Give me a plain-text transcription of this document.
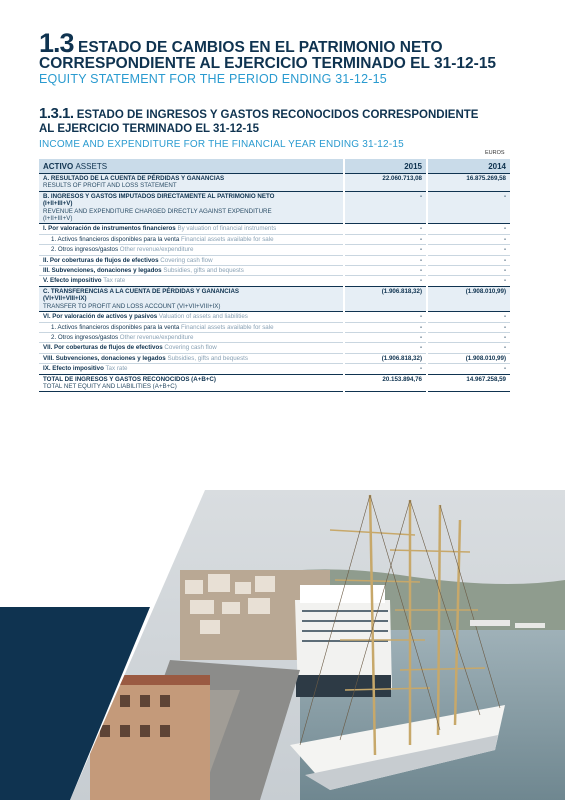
1.3 ESTADO DE CAMBIOS EN EL PATRIMONIO NETO
CORRESPONDIENTE AL EJERCICIO TERMINADO EL 31-12-15
EQUITY STATEMENT FOR THE PERIOD ENDING 31-12-15
1.3.1. ESTADO DE INGRESOS Y GASTOS RECONOCIDOS CORRESPONDIENTE
AL EJERCICIO TERMINADO EL 31-12-15
INCOME AND EXPENDITURE FOR THE FINANCIAL YEAR ENDING 31-12-15
EUROS
ACTIVO ASSETS	2015	2014
A. RESULTADO DE LA CUENTA DE PÉRDIDAS Y GANANCIAS
RESULTS OF PROFIT AND LOSS STATEMENT	22.060.713,08	16.875.269,58
B. INGRESOS Y GASTOS IMPUTADOS DIRECTAMENTE AL PATRIMONIO NETO
(I+II+III+V)
REVENUE AND EXPENDITURE CHARGED DIRECTLY AGAINST EXPENDITURE
(I+II+III+V)	-	-
I. Por valoración de instrumentos financieros By valuation of financial instruments	-	-
1. Activos financieros disponibles para la venta Financial assets available for sale	-	-
2. Otros ingresos/gastos Other revenue/expenditure	-	-
II. Por coberturas de flujos de efectivos Covering cash flow	-	-
III. Subvenciones, donaciones y legados Subsidies, gifts and bequests	-	-
V. Efecto impositivo Tax rate	-	-
C. TRANSFERENCIAS A LA CUENTA DE PÉRDIDAS Y GANANCIAS
(VI+VII+VIII+IX)
TRANSFER TO PROFIT AND LOSS ACCOUNT (VI+VII+VIII+IX)	(1.906.818,32)	(1.908.010,99)
VI. Por valoración de activos y pasivos Valuation of assets and liabilities	-	-
1. Activos financieros disponibles para la venta Financial assets available for sale	-	-
2. Otros ingresos/gastos Other revenue/expenditure	-	-
VII. Por coberturas de flujos de efectivos Covering cash flow	-	-
VIII. Subvenciones, donaciones y legados Subsidies, gifts and bequests	(1.906.818,32)	(1.908.010,99)
IX. Efecto impositivo Tax rate	-	-
TOTAL DE INGRESOS Y GASTOS RECONOCIDOS (A+B+C)
TOTAL NET EQUITY AND LIABILITIES (A+B+C)	20.153.894,76	14.967.258,59
